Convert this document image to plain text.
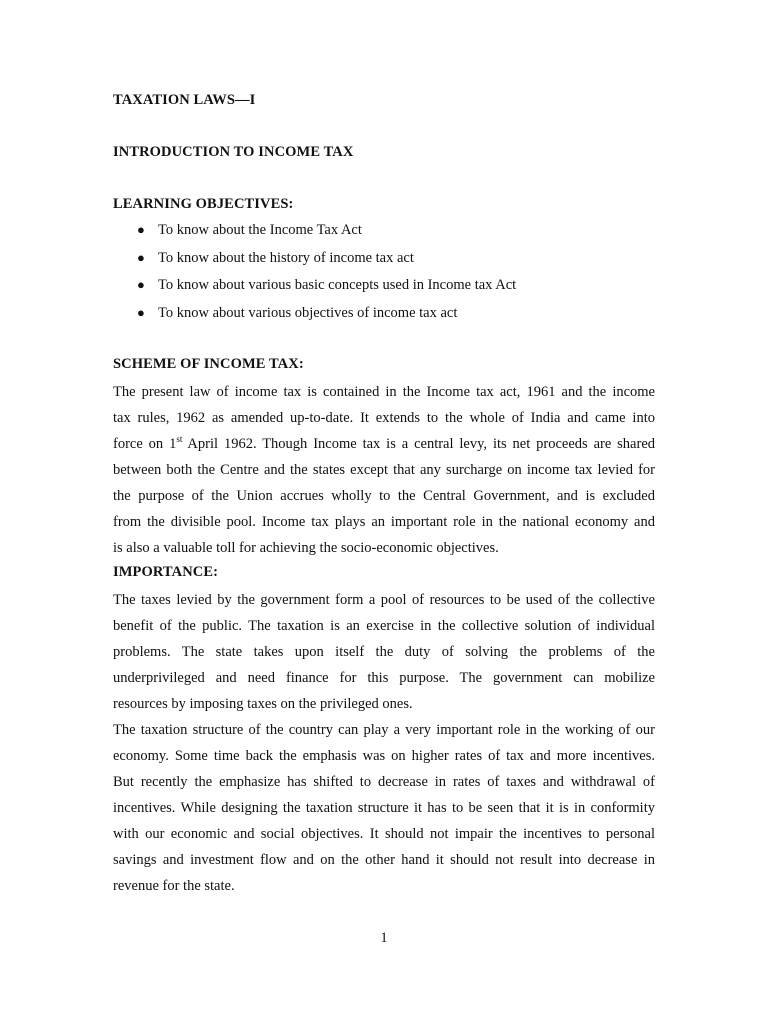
TAXATION LAWS—I
INTRODUCTION TO INCOME TAX
LEARNING OBJECTIVES:
● To know about the Income Tax Act
● To know about the history of income tax act
● To know about various basic concepts used in Income tax Act
● To know about various objectives of income tax act
SCHEME OF INCOME TAX:
The present law of income tax is contained in the Income tax act, 1961 and the income
tax rules, 1962 as amended up-to-date. It extends to the whole of India and came into
force on 1st April 1962. Though Income tax is a central levy, its net proceeds are shared
between both the Centre and the states except that any surcharge on income tax levied for
the purpose of the Union accrues wholly to the Central Government, and is excluded
from the divisible pool. Income tax plays an important role in the national economy and
is also a valuable toll for achieving the socio-economic objectives.
IMPORTANCE:
The taxes levied by the government form a pool of resources to be used of the collective
benefit of the public. The taxation is an exercise in the collective solution of individual
problems. The state takes upon itself the duty of solving the problems of the
underprivileged and need finance for this purpose. The government can mobilize
resources by imposing taxes on the privileged ones.
The taxation structure of the country can play a very important role in the working of our
economy. Some time back the emphasis was on higher rates of tax and more incentives.
But recently the emphasize has shifted to decrease in rates of taxes and withdrawal of
incentives. While designing the taxation structure it has to be seen that it is in conformity
with our economic and social objectives. It should not impair the incentives to personal
savings and investment flow and on the other hand it should not result into decrease in
revenue for the state.
1
